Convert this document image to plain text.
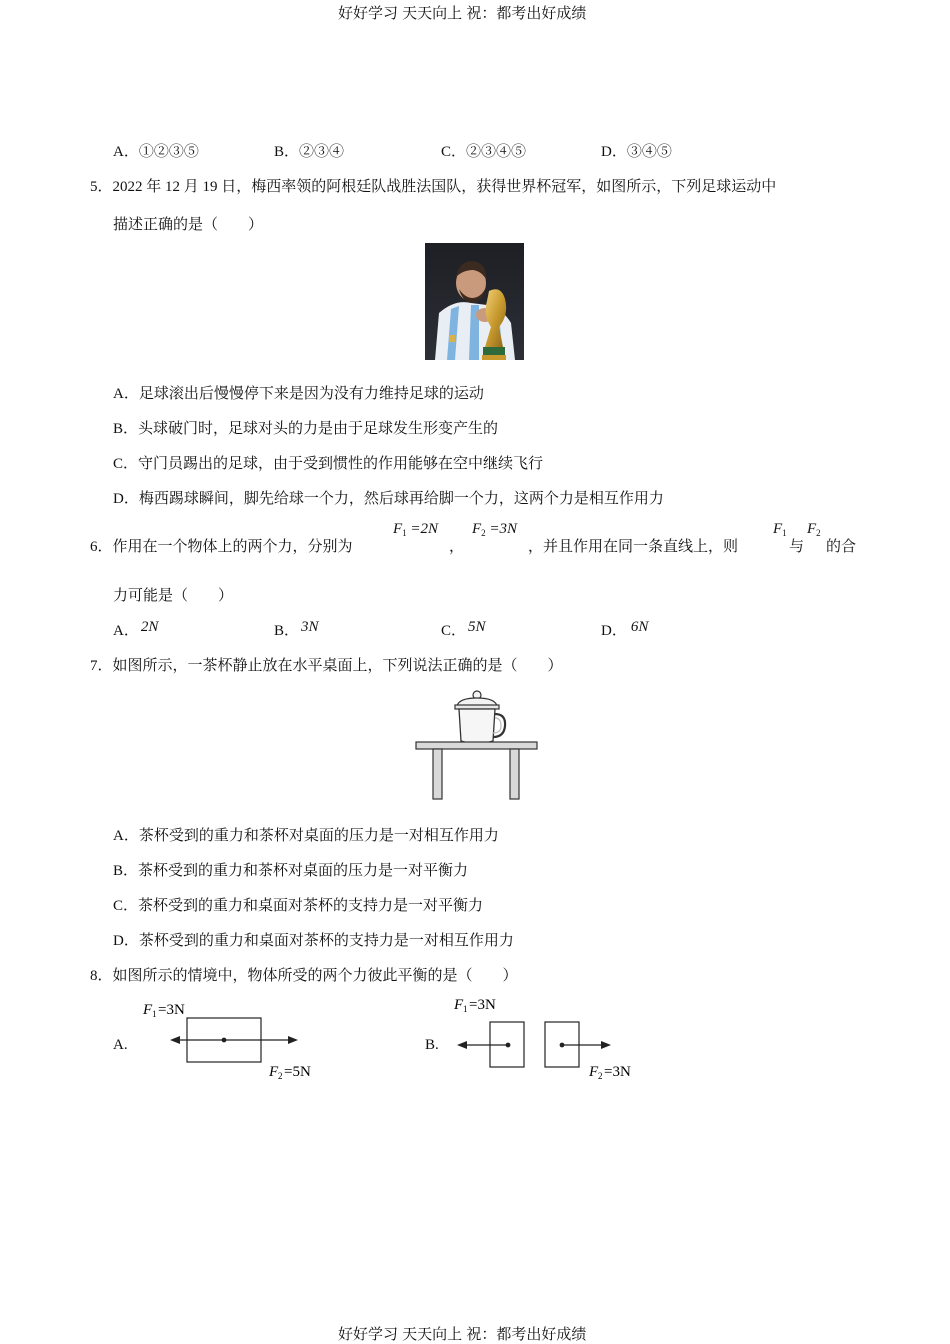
好好学习 天天向上 祝：都考出好成绩
好好学习 天天向上 祝：都考出好成绩
A．①②③⑤	B．②③④	C．②③④⑤	D．③④⑤
5．2022 年 12 月 19 日，梅西率领的阿根廷队战胜法国队，获得世界杯冠军，如图所示，下列足球运动中
描述正确的是（　　）
A．足球滚出后慢慢停下来是因为没有力维持足球的运动
B．头球破门时，足球对头的力是由于足球发生形变产生的
C．守门员踢出的足球，由于受到惯性的作用能够在空中继续飞行
D．梅西踢球瞬间，脚先给球一个力，然后球再给脚一个力，这两个力是相互作用力
6．作用在一个物体上的两个力，分别为
$F_1 =2N$
，
$F_2 =3N$
，并且作用在同一条直线上，则
$F_1$
与
$F_2$
的合
力可能是（　　）
A． 2N	B． 3N	C． 5N	D． 6N
7．如图所示，一茶杯静止放在水平桌面上，下列说法正确的是（　　）
A．茶杯受到的重力和茶杯对桌面的压力是一对相互作用力
B．茶杯受到的重力和茶杯对桌面的压力是一对平衡力
C．茶杯受到的重力和桌面对茶杯的支持力是一对平衡力
D．茶杯受到的重力和桌面对茶杯的支持力是一对相互作用力
8．如图所示的情境中，物体所受的两个力彼此平衡的是（　　）
A.
F 1 =3N
F 2 =5N
B.
F 1 =3N
F 2 =3N
